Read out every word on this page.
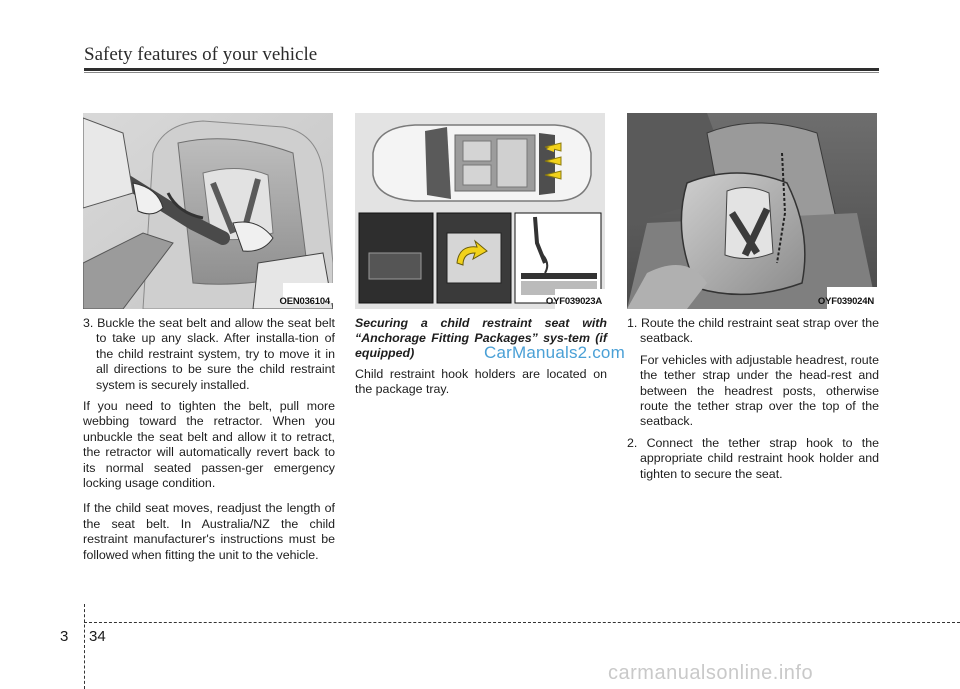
Safety features of your vehicle
OEN036104	OYF039023A	OYF039024N

3. Buckle the seat belt and allow the seat belt to take up any slack. After installa-tion of the child restraint system, try to move it in all directions to be sure the child restraint system is securely installed.

If you need to tighten the belt, pull more webbing toward the retractor. When you unbuckle the seat belt and allow it to retract, the retractor will automatically revert back to its normal seated passen-ger emergency locking usage condition.

If the child seat moves, readjust the length of the seat belt. In Australia/NZ the child restraint manufacturer's instructions must be followed when fitting the unit to the vehicle.

Securing a child restraint seat with “Anchorage Fitting Packages” sys-tem (if equipped)

Child restraint hook holders are located on the package tray.

1. Route the child restraint seat strap over the seatback.

For vehicles with adjustable headrest, route the tether strap under the head-rest and between the headrest posts, otherwise route the tether strap over the top of the seatback.

2. Connect the tether strap hook to the appropriate child restraint hook holder and tighten to secure the seat.

CarManuals2.com
3 34
carmanualsonline.info
